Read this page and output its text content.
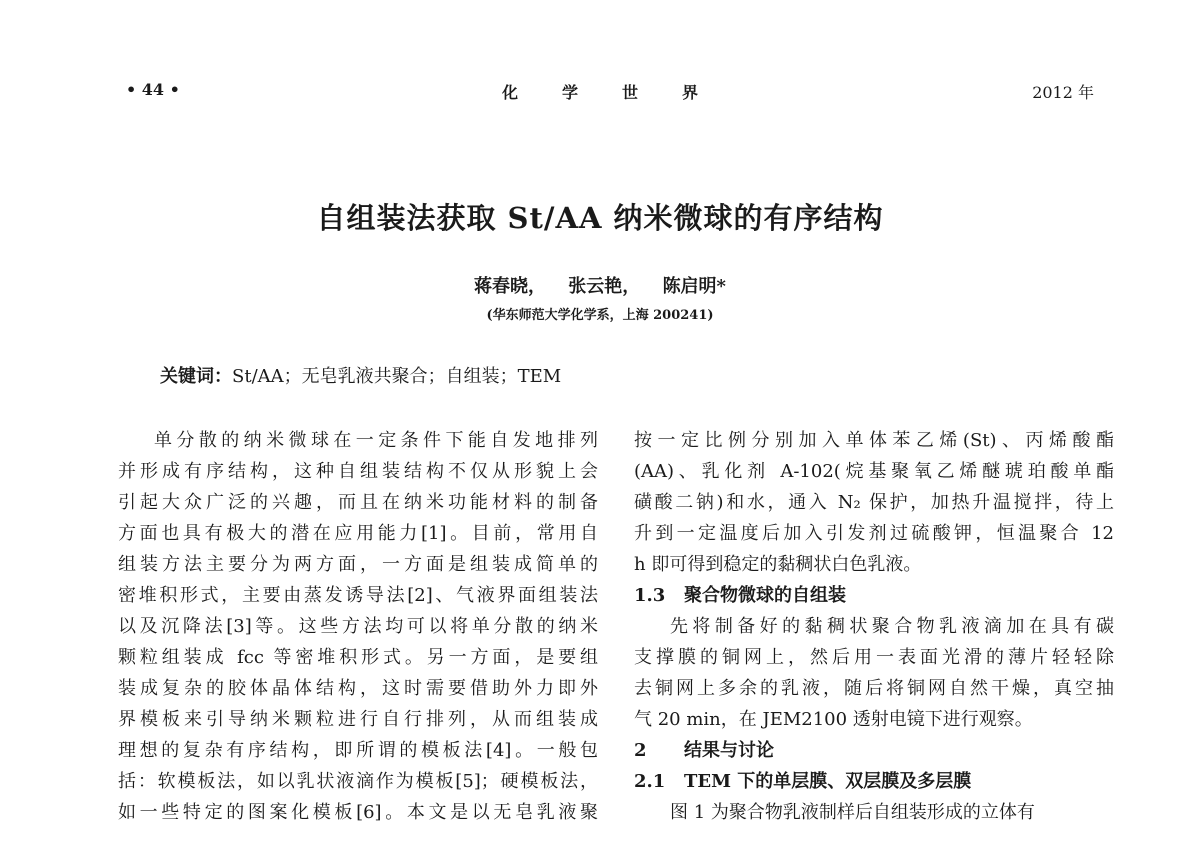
• 44 •	化学世界	2012 年
自组装法获取 St/AA 纳米微球的有序结构
蒋春晓， 张云艳， 陈启明*
(华东师范大学化学系，上海 200241)
关键词：St/AA；无皂乳液共聚合；自组装；TEM
单分散的纳米微球在一定条件下能自发地排列
并形成有序结构，这种自组装结构不仅从形貌上会
引起大众广泛的兴趣，而且在纳米功能材料的制备
方面也具有极大的潜在应用能力[1]。目前，常用自
组装方法主要分为两方面，一方面是组装成简单的
密堆积形式，主要由蒸发诱导法[2]、气液界面组装法
以及沉降法[3]等。这些方法均可以将单分散的纳米
颗粒组装成 fcc 等密堆积形式。另一方面，是要组
装成复杂的胶体晶体结构，这时需要借助外力即外
界模板来引导纳米颗粒进行自行排列，从而组装成
理想的复杂有序结构，即所谓的模板法[4]。一般包
括：软模板法，如以乳状液滴作为模板[5]；硬模板法，
如一些特定的图案化模板[6]。本文是以无皂乳液聚
按一定比例分别加入单体苯乙烯(St)、丙烯酸酯
(AA)、乳化剂 A-102(烷基聚氧乙烯醚琥珀酸单酯
磺酸二钠)和水，通入 N₂ 保护，加热升温搅拌，待上
升到一定温度后加入引发剂过硫酸钾，恒温聚合 12
h 即可得到稳定的黏稠状白色乳液。
1.3 聚合物微球的自组装
先将制备好的黏稠状聚合物乳液滴加在具有碳
支撑膜的铜网上，然后用一表面光滑的薄片轻轻除
去铜网上多余的乳液，随后将铜网自然干燥，真空抽
气 20 min，在 JEM2100 透射电镜下进行观察。
2 结果与讨论
2.1 TEM 下的单层膜、双层膜及多层膜
图 1 为聚合物乳液制样后自组装形成的立体有
